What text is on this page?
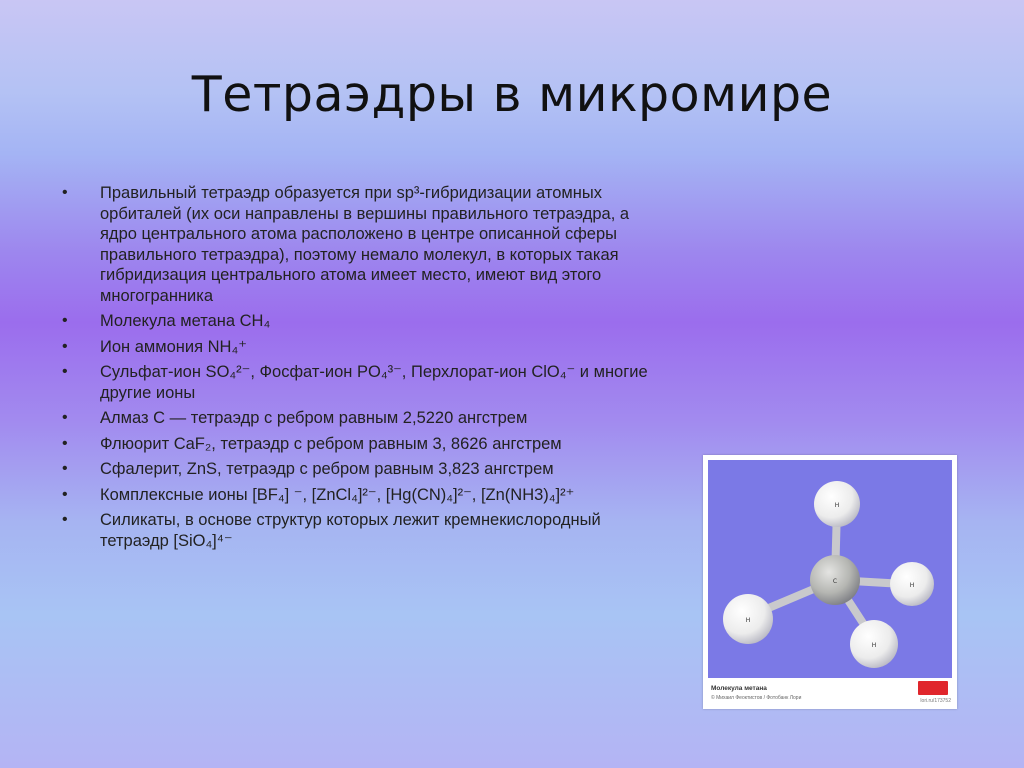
Тетраэдры в микромире
• Правильный тетраэдр образуется при sp³-гибридизации атомных орбиталей (их оси направлены в вершины правильного тетраэдра, а ядро центрального атома расположено в центре описанной сферы правильного тетраэдра), поэтому немало молекул, в которых такая гибридизация центрального атома имеет место, имеют вид этого многогранника
• Молекула метана CH₄
• Ион аммония NH₄⁺
• Сульфат-ион SO₄²⁻, Фосфат-ион PO₄³⁻, Перхлорат-ион ClO₄⁻ и многие другие ионы
• Алмаз C — тетраэдр с ребром равным 2,5220 ангстрем
• Флюорит CaF₂, тетраэдр с ребром равным 3, 8626 ангстрем
• Сфалерит, ZnS, тетраэдр с ребром равным 3,823 ангстрем
• Комплексные ионы [BF₄] ⁻, [ZnCl₄]²⁻, [Hg(CN)₄]²⁻, [Zn(NH3)₄]²⁺
• Силикаты, в основе структур которых лежит кремнекислородный тетраэдр [SiO₄]⁴⁻
H
H
C
H
H
Молекула метана
© Михаил Феоктистов / Фотобанк Лори	lori.ru/173752
